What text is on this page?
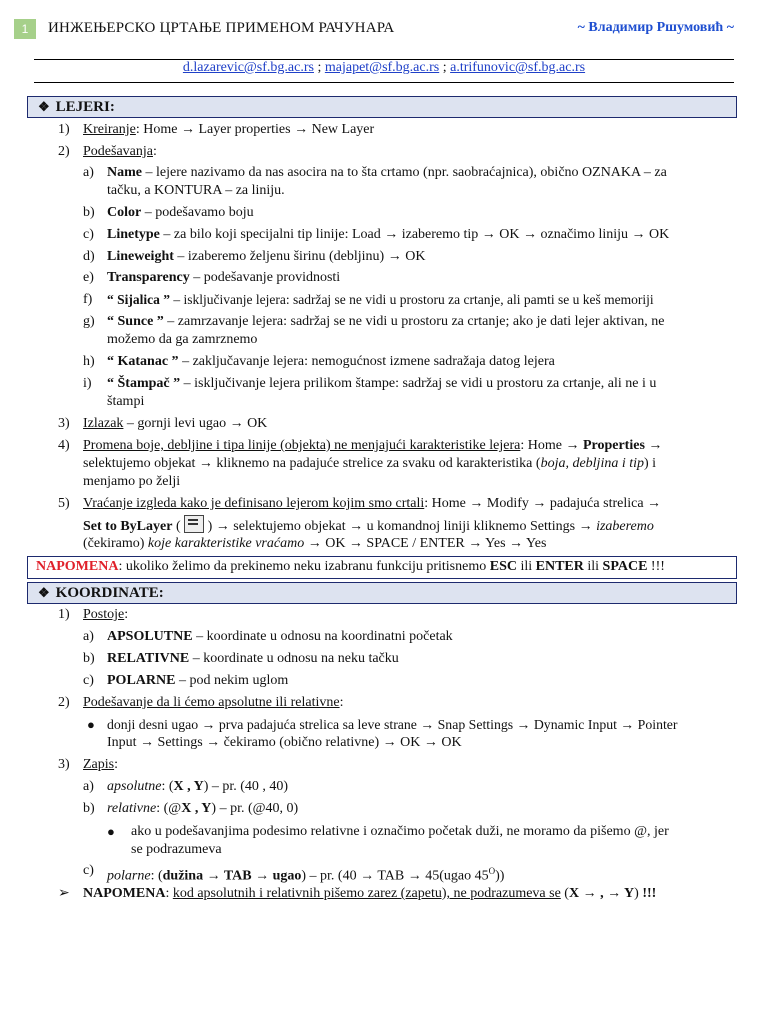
1	ИНЖЕЊЕРСКО ЦРТАЊЕ ПРИМЕНОМ РАЧУНАРА	~ Владимир Ршумовић ~
d.lazarevic@sf.bg.ac.rs ; majapet@sf.bg.ac.rs ; a.trifunovic@sf.bg.ac.rs
❖ LEJERI:
1) Kreiranje: Home → Layer properties → New Layer
2) Podešavanja:
a) Name – lejere nazivamo da nas asocira na to šta crtamo (npr. saobraćajnica), obično OZNAKA – za
tačku, a KONTURA – za liniju.
b) Color – podešavamo boju
c) Linetype – za bilo koji specijalni tip linije: Load → izaberemo tip → OK → označimo liniju → OK
d) Lineweight – izaberemo željenu širinu (debljinu) → OK
e) Transparency – podešavanje providnosti
f) “ Sijalica ” – isključivanje lejera: sadržaj se ne vidi u prostoru za crtanje, ali pamti se u keš memoriji
g) “ Sunce ” – zamrzavanje lejera: sadržaj se ne vidi u prostoru za crtanje; ako je dati lejer aktivan, ne
možemo da ga zamrznemo
h) “ Katanac ” – zaključavanje lejera: nemogućnost izmene sadražaja datog lejera
i) “ Štampač ” – isključivanje lejera prilikom štampe: sadržaj se vidi u prostoru za crtanje, ali ne i u
štampi
3) Izlazak – gornji levi ugao → OK
4) Promena boje, debljine i tipa linije (objekta) ne menjajući karakteristike lejera: Home → Properties →
selektujemo objekat → kliknemo na padajuće strelice za svaku od karakteristika (boja, debljina i tip) i
menjamo po želji
5) Vraćanje izgleda kako je definisano lejerom kojim smo crtali: Home → Modify → padajuća strelica →
Set to ByLayer (  ) → selektujemo objekat → u komandnoj liniji kliknemo Settings → izaberemo
(čekiramo) koje karakteristike vraćamo → OK → SPACE / ENTER → Yes → Yes
NAPOMENA: ukoliko želimo da prekinemo neku izabranu funkciju pritisnemo ESC ili ENTER ili SPACE !!!
❖ KOORDINATE:
1) Postoje:
a) APSOLUTNE – koordinate u odnosu na koordinatni početak
b) RELATIVNE – koordinate u odnosu na neku tačku
c) POLARNE – pod nekim uglom
2) Podešavanje da li ćemo apsolutne ili relativne:
● donji desni ugao → prva padajuća strelica sa leve strane → Snap Settings → Dynamic Input → Pointer
Input → Settings → čekiramo (obično relativne) → OK → OK
3) Zapis:
a) apsolutne: (X , Y) – pr. (40 , 40)
b) relativne: (@X , Y) – pr. (@40, 0)
● ako u podešavanjima podesimo relativne i označimo početak duži, ne moramo da pišemo @, jer
se podrazumeva
c) polarne: (dužina → TAB → ugao) – pr. (40 → TAB → 45(ugao $45^O$))
➢ NAPOMENA: kod apsolutnih i relativnih pišemo zarez (zapetu), ne podrazumeva se (X → , → Y) !!!
